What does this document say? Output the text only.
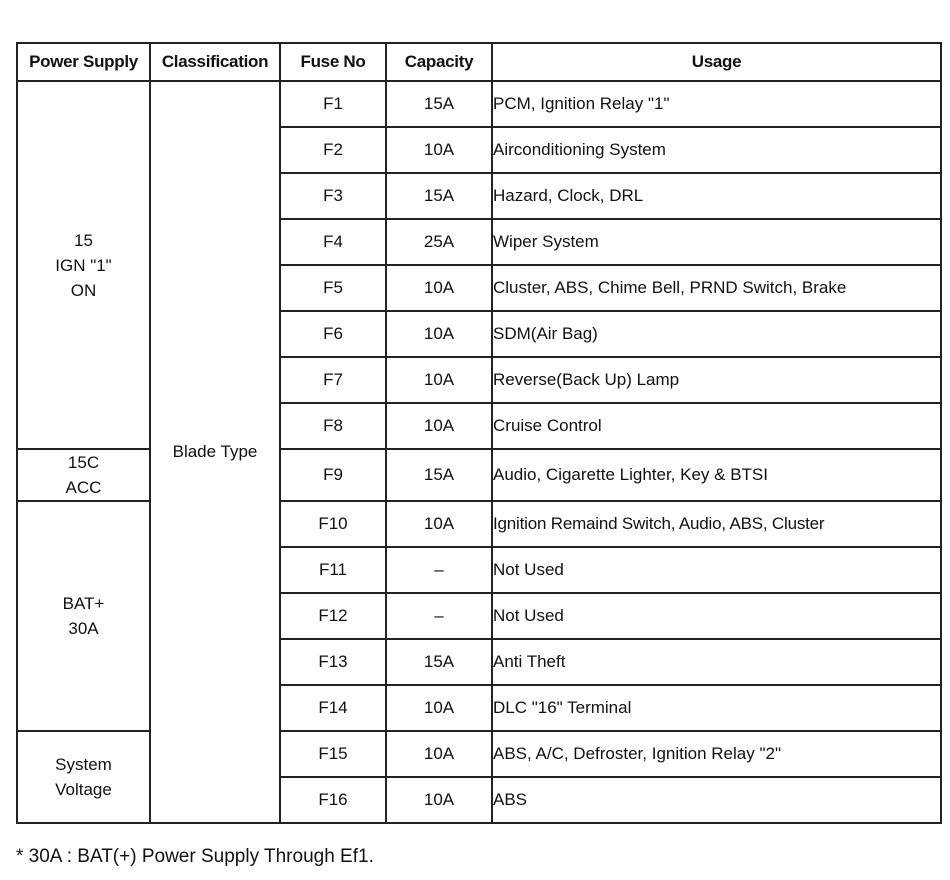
Power Supply	Classification	Fuse No	Capacity	Usage

15
IGN "1"
ON	Blade Type	F1	15A	PCM, Ignition Relay "1"
		F2	10A	Airconditioning System
		F3	15A	Hazard, Clock, DRL
		F4	25A	Wiper System
		F5	10A	Cluster, ABS, Chime Bell, PRND Switch, Brake
		F6	10A	SDM(Air Bag)
		F7	10A	Reverse(Back Up) Lamp
		F8	10A	Cruise Control

15C
ACC		F9	15A	Audio, Cigarette Lighter, Key & BTSI

BAT+
30A		F10	10A	Ignition Remaind Switch, Audio, ABS, Cluster
		F11	–	Not Used
		F12	–	Not Used
		F13	15A	Anti Theft
		F14	10A	DLC "16" Terminal

System
Voltage		F15	10A	ABS, A/C, Defroster, Ignition Relay "2"
		F16	10A	ABS
* 30A : BAT(+) Power Supply Through Ef1.
